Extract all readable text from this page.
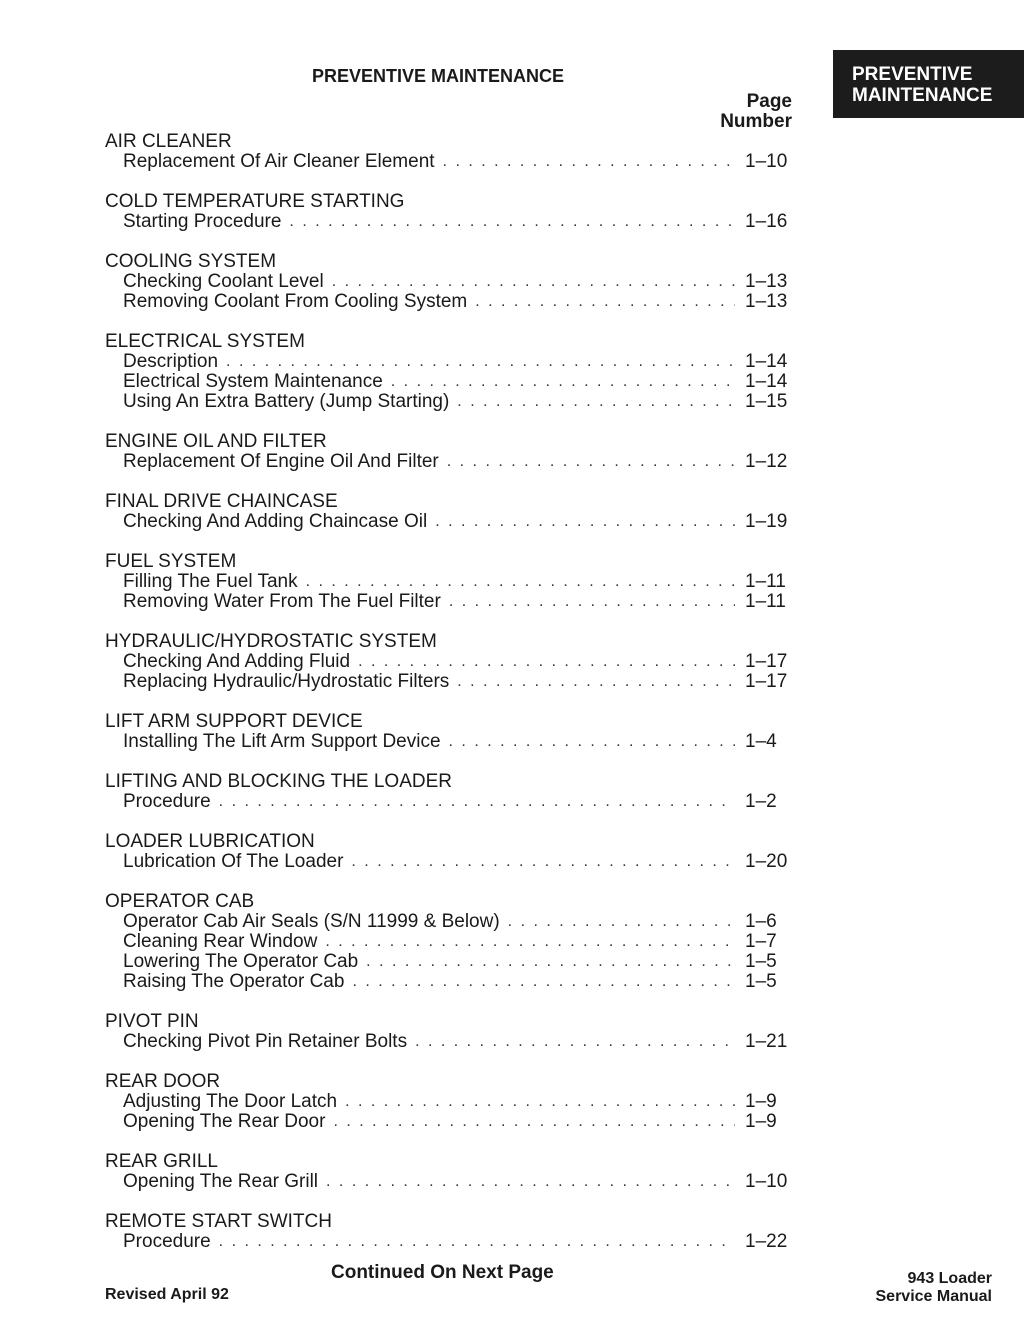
PREVENTIVE MAINTENANCE	PREVENTIVE
MAINTENANCE
Page
Number
AIR CLEANER
Replacement Of Air Cleaner Element . . .	1–10
COLD TEMPERATURE STARTING
Starting Procedure . . .	1–16
COOLING SYSTEM
Checking Coolant Level . . .	1–13
Removing Coolant From Cooling System . . .	1–13
ELECTRICAL SYSTEM
Description . . .	1–14
Electrical System Maintenance . . .	1–14
Using An Extra Battery (Jump Starting) . . .	1–15
ENGINE OIL AND FILTER
Replacement Of Engine Oil And Filter . . .	1–12
FINAL DRIVE CHAINCASE
Checking And Adding Chaincase Oil . . .	1–19
FUEL SYSTEM
Filling The Fuel Tank . . .	1–11
Removing Water From The Fuel Filter . . .	1–11
HYDRAULIC/HYDROSTATIC SYSTEM
Checking And Adding Fluid . . .	1–17
Replacing Hydraulic/Hydrostatic Filters . . .	1–17
LIFT ARM SUPPORT DEVICE
Installing The Lift Arm Support Device . . .	1–4
LIFTING AND BLOCKING THE LOADER
Procedure . . .	1–2
LOADER LUBRICATION
Lubrication Of The Loader . . .	1–20
OPERATOR CAB
Operator Cab Air Seals (S/N 11999 & Below) . . .	1–6
Cleaning Rear Window . . .	1–7
Lowering The Operator Cab . . .	1–5
Raising The Operator Cab . . .	1–5
PIVOT PIN
Checking Pivot Pin Retainer Bolts . . .	1–21
REAR DOOR
Adjusting The Door Latch . . .	1–9
Opening The Rear Door . . .	1–9
REAR GRILL
Opening The Rear Grill . . .	1–10
REMOTE START SWITCH
Procedure . . .	1–22
Continued On Next Page
Revised April 92
943 Loader
Service Manual
